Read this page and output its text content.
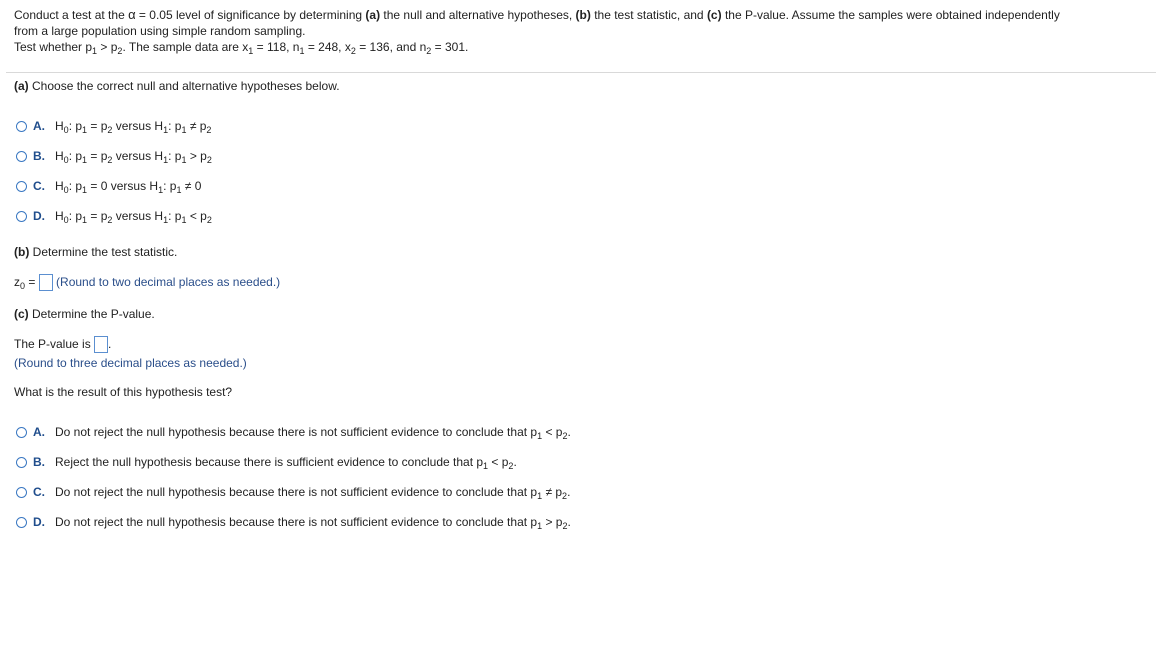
Conduct a test at the α = 0.05 level of significance by determining (a) the null and alternative hypotheses, (b) the test statistic, and (c) the P-value. Assume the samples were obtained independently

from a large population using simple random sampling.

Test whether $p_1 > p_2$. The sample data are $x_1 = 118$, $n_1 = 248$, $x_2 = 136$, and $n_2 = 301$.

(a) Choose the correct null and alternative hypotheses below.
A. $H_0$: $p_1 = p_2$ versus $H_1$: $p_1 \ne p_2$
B. $H_0$: $p_1 = p_2$ versus $H_1$: $p_1 > p_2$
C. $H_0$: $p_1 = 0$ versus $H_1$: $p_1 \ne 0$
D. $H_0$: $p_1 = p_2$ versus $H_1$: $p_1 < p_2$
(b) Determine the test statistic.
$z_0$ = (Round to two decimal places as needed.)
(c) Determine the P-value.
The P-value is .
(Round to three decimal places as needed.)
What is the result of this hypothesis test?
A. Do not reject the null hypothesis because there is not sufficient evidence to conclude that $p_1 < p_2$.
B. Reject the null hypothesis because there is sufficient evidence to conclude that $p_1 < p_2$.
C. Do not reject the null hypothesis because there is not sufficient evidence to conclude that $p_1 \ne p_2$.
D. Do not reject the null hypothesis because there is not sufficient evidence to conclude that $p_1 > p_2$.
